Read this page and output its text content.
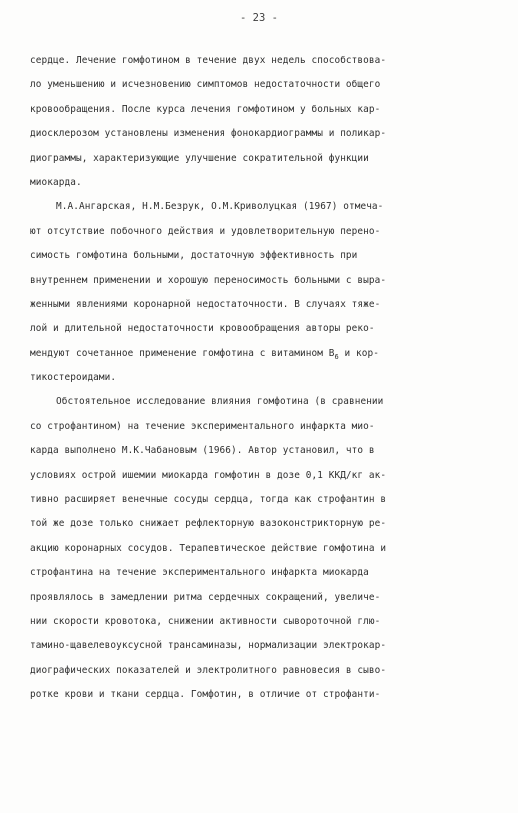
- 23 -
сердце. Лечение гомфотином в течение двух недель способствова-
ло уменьшению и исчезновению симптомов недостаточности общего
кровообращения. После курса лечения гомфотином у больных кар-
диосклерозом установлены изменения фонокардиограммы и поликар-
диограммы, характеризующие улучшение сократительной функции
миокарда.
М.А.Ангарская, Н.М.Безрук, О.М.Криволуцкая (1967) отмеча-
ют отсутствие побочного действия и удовлетворительную перено-
симость гомфотина больными, достаточную эффективность при
внутреннем применении и хорошую переносимость больными с выра-
женными явлениями коронарной недостаточности. В случаях тяже-
лой и длительной недостаточности кровообращения авторы реко-
мендуют сочетанное применение гомфотина с витамином $B_6$ и кор-
тикостероидами.
Обстоятельное исследование влияния гомфотина (в сравнении
со строфантином) на течение экспериментального инфаркта мио-
карда выполнено М.К.Чабановым (1966). Автор установил, что в
условиях острой ишемии миокарда гомфотин в дозе 0,1 ККД/кг ак-
тивно расширяет венечные сосуды сердца, тогда как строфантин в
той же дозе только снижает рефлекторную вазоконстрикторную ре-
акцию коронарных сосудов. Терапевтическое действие гомфотина и
строфантина на течение экспериментального инфаркта миокарда
проявлялось в замедлении ритма сердечных сокращений, увеличе-
нии скорости кровотока, снижении активности сывороточной глю-
тамино-щавелевоуксусной трансаминазы, нормализации электрокар-
диографических показателей и электролитного равновесия в сыво-
ротке крови и ткани сердца. Гомфотин, в отличие от строфанти-
